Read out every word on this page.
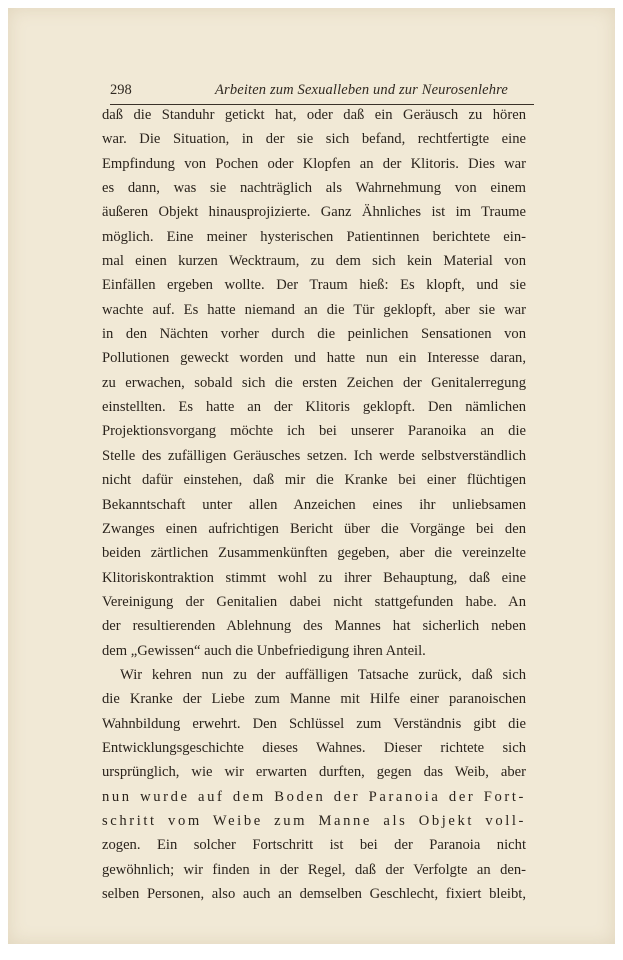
298	Arbeiten zum Sexualleben und zur Neurosenlehre
daß die Standuhr getickt hat, oder daß ein Geräusch zu hören
war. Die Situation, in der sie sich befand, rechtfertigte eine
Empfindung von Pochen oder Klopfen an der Klitoris. Dies war
es dann, was sie nachträglich als Wahrnehmung von einem
äußeren Objekt hinausprojizierte. Ganz Ähnliches ist im Traume
möglich. Eine meiner hysterischen Patientinnen berichtete ein-
mal einen kurzen Wecktraum, zu dem sich kein Material von
Einfällen ergeben wollte. Der Traum hieß: Es klopft, und sie
wachte auf. Es hatte niemand an die Tür geklopft, aber sie war
in den Nächten vorher durch die peinlichen Sensationen von
Pollutionen geweckt worden und hatte nun ein Interesse daran,
zu erwachen, sobald sich die ersten Zeichen der Genitalerregung
einstellten. Es hatte an der Klitoris geklopft. Den nämlichen
Projektionsvorgang möchte ich bei unserer Paranoika an die
Stelle des zufälligen Geräusches setzen. Ich werde selbstverständlich
nicht dafür einstehen, daß mir die Kranke bei einer flüchtigen
Bekanntschaft unter allen Anzeichen eines ihr unliebsamen
Zwanges einen aufrichtigen Bericht über die Vorgänge bei den
beiden zärtlichen Zusammenkünften gegeben, aber die vereinzelte
Klitoriskontraktion stimmt wohl zu ihrer Behauptung, daß eine
Vereinigung der Genitalien dabei nicht stattgefunden habe. An
der resultierenden Ablehnung des Mannes hat sicherlich neben
dem „Gewissen“ auch die Unbefriedigung ihren Anteil.
Wir kehren nun zu der auffälligen Tatsache zurück, daß sich
die Kranke der Liebe zum Manne mit Hilfe einer paranoischen
Wahnbildung erwehrt. Den Schlüssel zum Verständnis gibt die
Entwicklungsgeschichte dieses Wahnes. Dieser richtete sich
ursprünglich, wie wir erwarten durften, gegen das Weib, aber
nun wurde auf dem Boden der Paranoia der Fort-
schritt vom Weibe zum Manne als Objekt voll-
zogen. Ein solcher Fortschritt ist bei der Paranoia nicht
gewöhnlich; wir finden in der Regel, daß der Verfolgte an den-
selben Personen, also auch an demselben Geschlecht, fixiert bleibt,
